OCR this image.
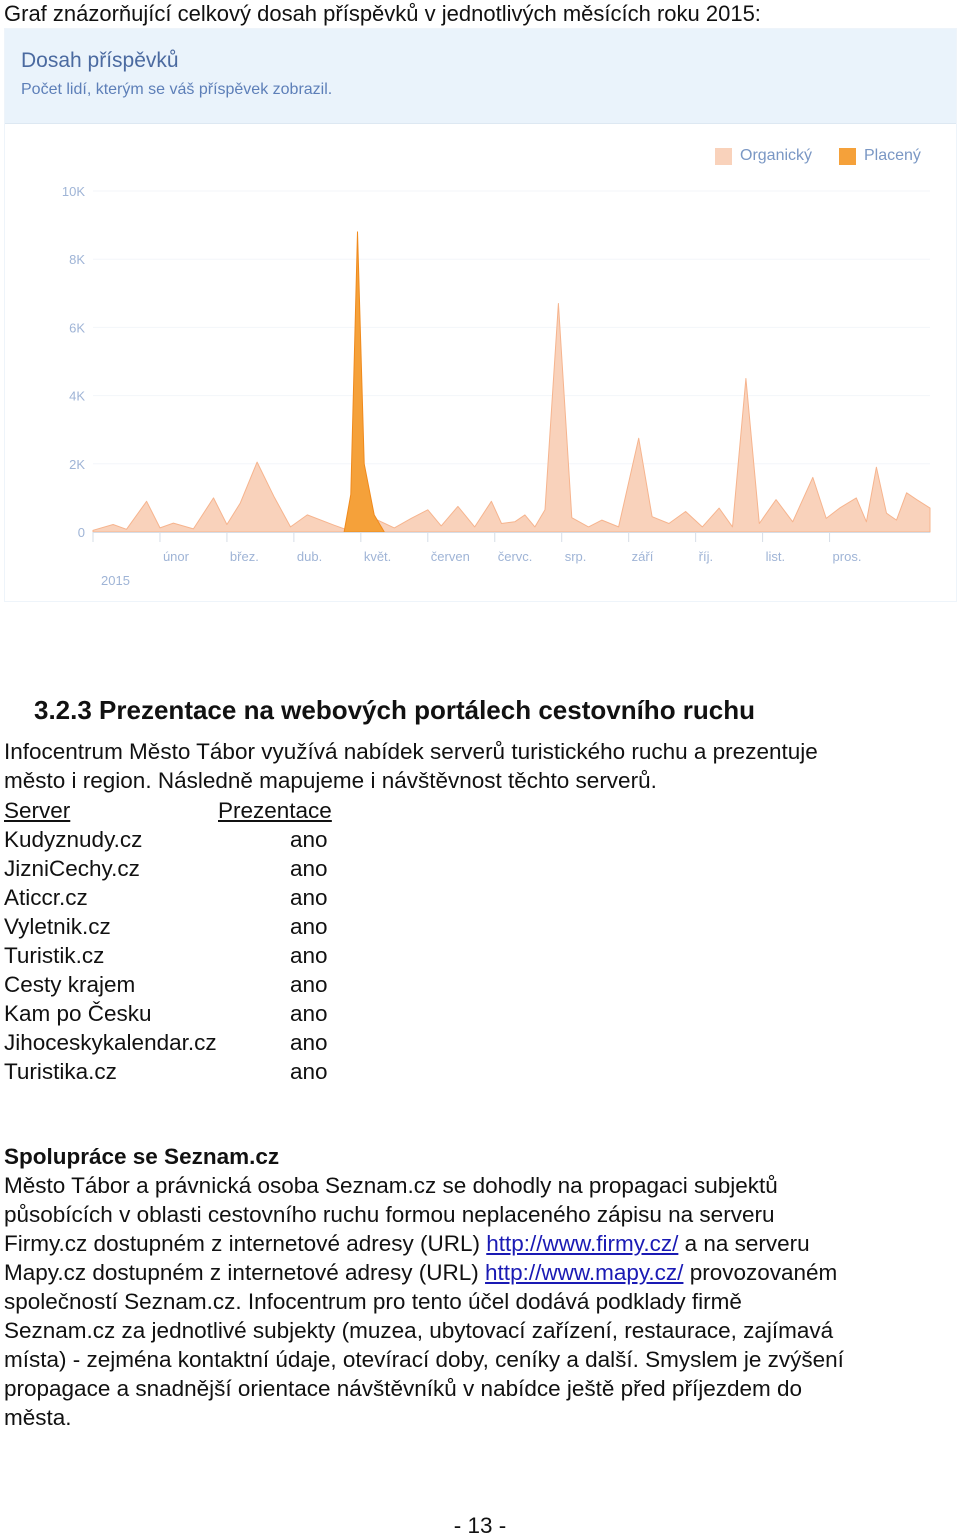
Graf znázorňující celkový dosah příspěvků v jednotlivých měsících roku 2015:
Dosah příspěvků
Počet lidí, kterým se váš příspěvek zobrazil.
Organický	Placený
0
2K
4K
6K
8K
10K
únor	břez.	dub.	květ.	červen červc. srp.	září	říj.	list.	pros.
2015
3.2.3 Prezentace na webových portálech cestovního ruchu

Infocentrum Město Tábor využívá nabídek serverů turistického ruchu a prezentuje

město i region. Následně mapujeme i návštěvnost těchto serverů.

Server	Prezentace
Kudyznudy.cz	ano
JizniCechy.cz	ano
Aticcr.cz	ano
Vyletnik.cz	ano
Turistik.cz	ano
Cesty krajem	ano
Kam po Česku	ano
Jihoceskykalendar.cz	ano
Turistika.cz	ano
Spolupráce se Seznam.cz

Město Tábor a právnická osoba Seznam.cz se dohodly na propagaci subjektů

působících v oblasti cestovního ruchu formou neplaceného zápisu na serveru

Firmy.cz dostupném z internetové adresy (URL) http://www.firmy.cz/ a na serveru

Mapy.cz dostupném z internetové adresy (URL) http://www.mapy.cz/ provozovaném

společností Seznam.cz. Infocentrum pro tento účel dodává podklady firmě

Seznam.cz za jednotlivé subjekty (muzea, ubytovací zařízení, restaurace, zajímavá

místa) - zejména kontaktní údaje, otevírací doby, ceníky a další. Smyslem je zvýšení

propagace a snadnější orientace návštěvníků v nabídce ještě před příjezdem do

města.

- 13 -
